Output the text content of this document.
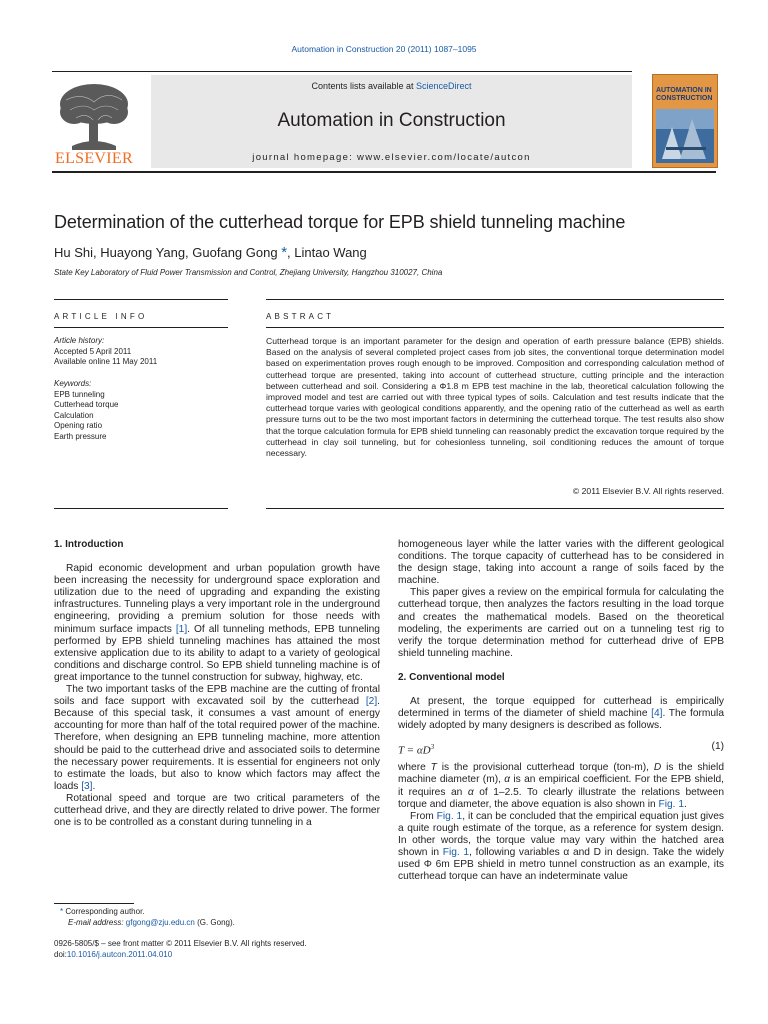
Automation in Construction 20 (2011) 1087–1095
ELSEVIER
Contents lists available at ScienceDirect
Automation in Construction
journal homepage: www.elsevier.com/locate/autcon
AUTOMATION IN CONSTRUCTION
Determination of the cutterhead torque for EPB shield tunneling machine
Hu Shi, Huayong Yang, Guofang Gong *, Lintao Wang
State Key Laboratory of Fluid Power Transmission and Control, Zhejiang University, Hangzhou 310027, China
ARTICLE INFO	ABSTRACT
Article history:
Accepted 5 April 2011
Available online 11 May 2011
Keywords:
EPB tunneling
Cutterhead torque
Calculation
Opening ratio
Earth pressure
Cutterhead torque is an important parameter for the design and operation of earth pressure balance (EPB) shields. Based on the analysis of several completed project cases from job sites, the conventional torque determination model based on experimentation proves rough enough to be improved. Composition and corresponding calculation method of cutterhead torque are presented, taking into account of cutterhead structure, cutting principle and the interaction between cutterhead and soil. Considering a Φ1.8 m EPB test machine in the lab, theoretical calculation following the improved model and test are carried out with three typical types of soils. Calculation and test results indicate that the cutterhead torque varies with geological conditions apparently, and the opening ratio of the cutterhead as well as earth pressure turns out to be the two most important factors in determining the cutterhead torque. The test results also show that the torque calculation formula for EPB shield tunneling can reasonably predict the excavation torque required by the cutterhead in clay soil tunneling, but for cohesionless tunneling, soil conditioning reduces the amount of torque necessary.
© 2011 Elsevier B.V. All rights reserved.
1. Introduction

Rapid economic development and urban population growth have been increasing the necessity for underground space exploration and utilization due to the need of upgrading and expanding the existing infrastructures. Tunneling plays a very important role in the underground engineering, providing a premium solution for those needs with minimum surface impacts [1]. Of all tunneling methods, EPB tunneling performed by EPB shield tunneling machines has attained the most extensive application due to its ability to adapt to a variety of geological conditions and discharge control. So EPB shield tunneling machine is of great importance to the tunnel construction for subway, highway, etc.

The two important tasks of the EPB machine are the cutting of frontal soils and face support with excavated soil by the cutterhead [2]. Because of this special task, it consumes a vast amount of energy accounting for more than half of the total required power of the machine. Therefore, when designing an EPB tunneling machine, more attention should be paid to the cutterhead drive and associated soils to determine the necessary power requirements. It is essential for engineers not only to estimate the loads, but also to know which factors may affect the loads [3].

Rotational speed and torque are two critical parameters of the cutterhead drive, and they are directly related to drive power. The former one is to be controlled as a constant during tunneling in a

homogeneous layer while the latter varies with the different geological conditions. The torque capacity of cutterhead has to be considered in the design stage, taking into account a range of soils faced by the machine.

This paper gives a review on the empirical formula for calculating the cutterhead torque, then analyzes the factors resulting in the load torque and creates the mathematical models. Based on the theoretical modeling, the experiments are carried out on a tunneling test rig to verify the torque determination method for cutterhead drive of EPB shield tunneling machine.

2. Conventional model

At present, the torque equipped for cutterhead is empirically determined in terms of the diameter of shield machine [4]. The formula widely adopted by many designers is described as follows.

$T = \alpha D^3$	(1)

where T is the provisional cutterhead torque (ton-m), D is the shield machine diameter (m), α is an empirical coefficient. For the EPB shield, it requires an α of 1–2.5. To clearly illustrate the relations between torque and diameter, the above equation is also shown in Fig. 1.

From Fig. 1, it can be concluded that the empirical equation just gives a quite rough estimate of the torque, as a reference for system design. In other words, the torque value may vary within the hatched area shown in Fig. 1, following variables α and D in design. Take the widely used Φ 6m EPB shield in metro tunnel construction as an example, its cutterhead torque can have an indeterminate value

* Corresponding author.
E-mail address: gfgong@zju.edu.cn (G. Gong).
0926-5805/$ – see front matter © 2011 Elsevier B.V. All rights reserved.
doi:10.1016/j.autcon.2011.04.010
